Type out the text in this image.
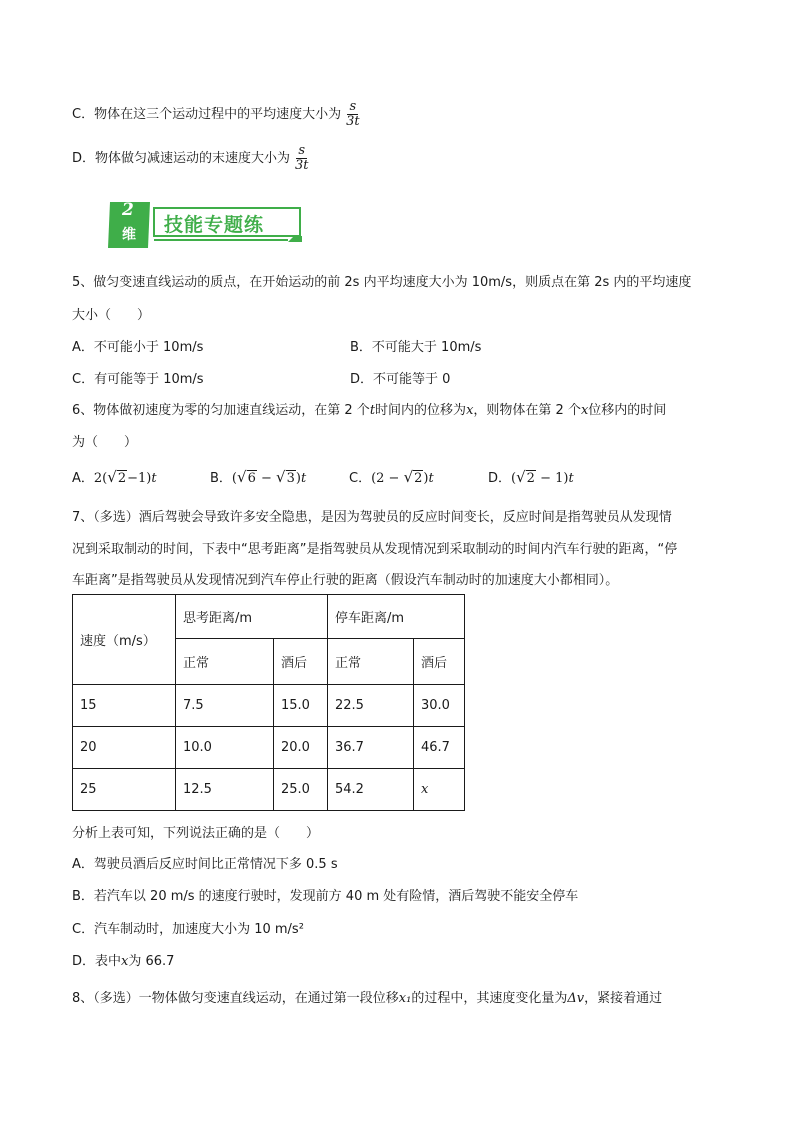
C．物体在这三个运动过程中的平均速度大小为 $\frac{s}{3t}$
D．物体做匀减速运动的末速度大小为 $\frac{s}{3t}$
2
维 技能专题练
5、做匀变速直线运动的质点，在开始运动的前 2s 内平均速度大小为 10m/s，则质点在第 2s 内的平均速度
大小（　　）
A．不可能小于 10m/s	B．不可能大于 10m/s
C．有可能等于 10m/s	D．不可能等于 0
6、物体做初速度为零的匀加速直线运动，在第 2 个t时间内的位移为x，则物体在第 2 个x位移内的时间
为（　　）
A．2(√2−1)t	B．(√6 − √3)t	C．(2 − √2)t	D．(√2 − 1)t
7、（多选）酒后驾驶会导致许多安全隐患，是因为驾驶员的反应时间变长，反应时间是指驾驶员从发现情
况到采取制动的时间，下表中“思考距离”是指驾驶员从发现情况到采取制动的时间内汽车行驶的距离，“停
车距离”是指驾驶员从发现情况到汽车停止行驶的距离（假设汽车制动时的加速度大小都相同）。
速度（m/s）	思考距离/m		停车距离/m	
	正常	酒后	正常	酒后
15	7.5	15.0	22.5	30.0
20	10.0	20.0	36.7	46.7
25	12.5	25.0	54.2	x
分析上表可知，下列说法正确的是（　　）
A．驾驶员酒后反应时间比正常情况下多 0.5 s
B．若汽车以 20 m/s 的速度行驶时，发现前方 40 m 处有险情，酒后驾驶不能安全停车
C．汽车制动时，加速度大小为 10 m/s²
D．表中x为 66.7
8、（多选）一物体做匀变速直线运动，在通过第一段位移x₁的过程中，其速度变化量为Δv，紧接着通过
